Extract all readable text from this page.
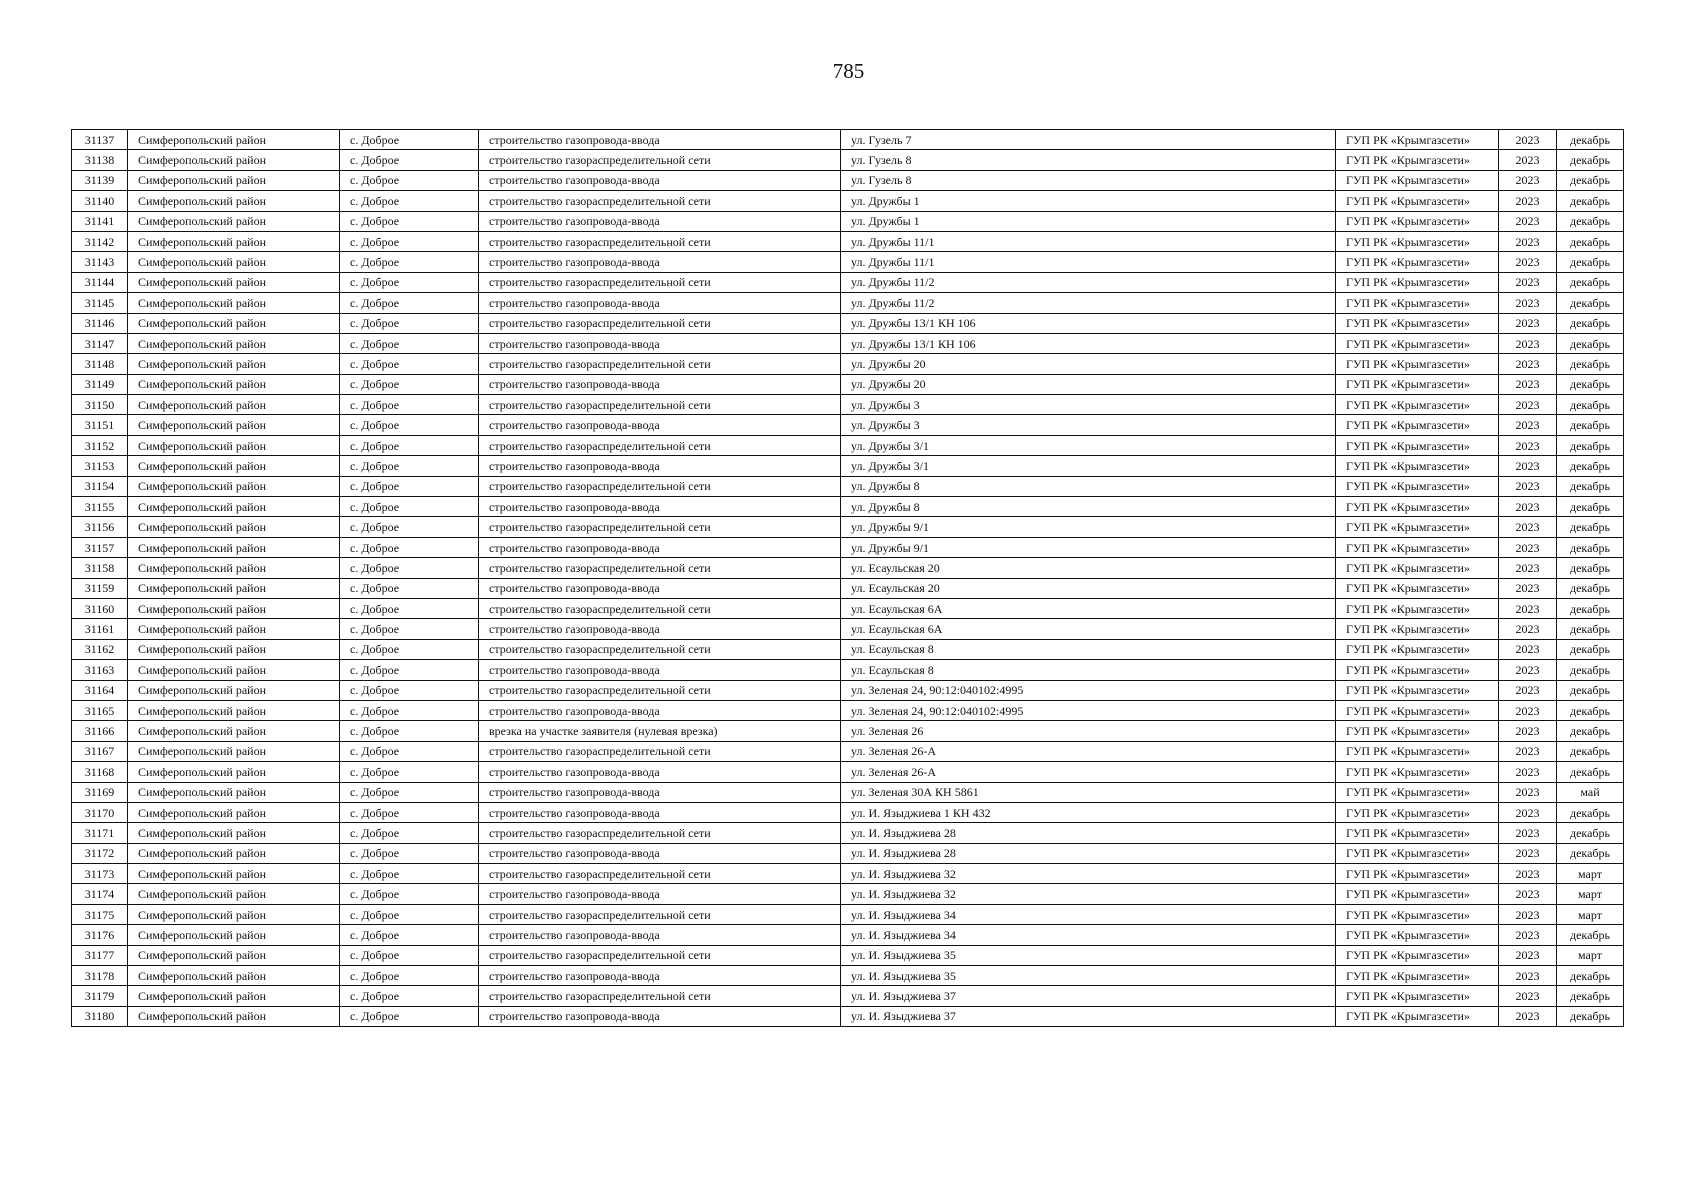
785
31137	Симферопольский район	с. Доброе	строительство газопровода-ввода	ул. Гузель 7	ГУП РК «Крымгазсети»	2023	декабрь
31138	Симферопольский район	с. Доброе	строительство газораспределительной сети	ул. Гузель 8	ГУП РК «Крымгазсети»	2023	декабрь
31139	Симферопольский район	с. Доброе	строительство газопровода-ввода	ул. Гузель 8	ГУП РК «Крымгазсети»	2023	декабрь
31140	Симферопольский район	с. Доброе	строительство газораспределительной сети	ул. Дружбы 1	ГУП РК «Крымгазсети»	2023	декабрь
31141	Симферопольский район	с. Доброе	строительство газопровода-ввода	ул. Дружбы 1	ГУП РК «Крымгазсети»	2023	декабрь
31142	Симферопольский район	с. Доброе	строительство газораспределительной сети	ул. Дружбы 11/1	ГУП РК «Крымгазсети»	2023	декабрь
31143	Симферопольский район	с. Доброе	строительство газопровода-ввода	ул. Дружбы 11/1	ГУП РК «Крымгазсети»	2023	декабрь
31144	Симферопольский район	с. Доброе	строительство газораспределительной сети	ул. Дружбы 11/2	ГУП РК «Крымгазсети»	2023	декабрь
31145	Симферопольский район	с. Доброе	строительство газопровода-ввода	ул. Дружбы 11/2	ГУП РК «Крымгазсети»	2023	декабрь
31146	Симферопольский район	с. Доброе	строительство газораспределительной сети	ул. Дружбы 13/1 КН 106	ГУП РК «Крымгазсети»	2023	декабрь
31147	Симферопольский район	с. Доброе	строительство газопровода-ввода	ул. Дружбы 13/1 КН 106	ГУП РК «Крымгазсети»	2023	декабрь
31148	Симферопольский район	с. Доброе	строительство газораспределительной сети	ул. Дружбы 20	ГУП РК «Крымгазсети»	2023	декабрь
31149	Симферопольский район	с. Доброе	строительство газопровода-ввода	ул. Дружбы 20	ГУП РК «Крымгазсети»	2023	декабрь
31150	Симферопольский район	с. Доброе	строительство газораспределительной сети	ул. Дружбы 3	ГУП РК «Крымгазсети»	2023	декабрь
31151	Симферопольский район	с. Доброе	строительство газопровода-ввода	ул. Дружбы 3	ГУП РК «Крымгазсети»	2023	декабрь
31152	Симферопольский район	с. Доброе	строительство газораспределительной сети	ул. Дружбы 3/1	ГУП РК «Крымгазсети»	2023	декабрь
31153	Симферопольский район	с. Доброе	строительство газопровода-ввода	ул. Дружбы 3/1	ГУП РК «Крымгазсети»	2023	декабрь
31154	Симферопольский район	с. Доброе	строительство газораспределительной сети	ул. Дружбы 8	ГУП РК «Крымгазсети»	2023	декабрь
31155	Симферопольский район	с. Доброе	строительство газопровода-ввода	ул. Дружбы 8	ГУП РК «Крымгазсети»	2023	декабрь
31156	Симферопольский район	с. Доброе	строительство газораспределительной сети	ул. Дружбы 9/1	ГУП РК «Крымгазсети»	2023	декабрь
31157	Симферопольский район	с. Доброе	строительство газопровода-ввода	ул. Дружбы 9/1	ГУП РК «Крымгазсети»	2023	декабрь
31158	Симферопольский район	с. Доброе	строительство газораспределительной сети	ул. Есаульская 20	ГУП РК «Крымгазсети»	2023	декабрь
31159	Симферопольский район	с. Доброе	строительство газопровода-ввода	ул. Есаульская 20	ГУП РК «Крымгазсети»	2023	декабрь
31160	Симферопольский район	с. Доброе	строительство газораспределительной сети	ул. Есаульская 6А	ГУП РК «Крымгазсети»	2023	декабрь
31161	Симферопольский район	с. Доброе	строительство газопровода-ввода	ул. Есаульская 6А	ГУП РК «Крымгазсети»	2023	декабрь
31162	Симферопольский район	с. Доброе	строительство газораспределительной сети	ул. Есаульская 8	ГУП РК «Крымгазсети»	2023	декабрь
31163	Симферопольский район	с. Доброе	строительство газопровода-ввода	ул. Есаульская 8	ГУП РК «Крымгазсети»	2023	декабрь
31164	Симферопольский район	с. Доброе	строительство газораспределительной сети	ул. Зеленая 24, 90:12:040102:4995	ГУП РК «Крымгазсети»	2023	декабрь
31165	Симферопольский район	с. Доброе	строительство газопровода-ввода	ул. Зеленая 24, 90:12:040102:4995	ГУП РК «Крымгазсети»	2023	декабрь
31166	Симферопольский район	с. Доброе	врезка на участке заявителя (нулевая врезка)	ул. Зеленая 26	ГУП РК «Крымгазсети»	2023	декабрь
31167	Симферопольский район	с. Доброе	строительство газораспределительной сети	ул. Зеленая 26-А	ГУП РК «Крымгазсети»	2023	декабрь
31168	Симферопольский район	с. Доброе	строительство газопровода-ввода	ул. Зеленая 26-А	ГУП РК «Крымгазсети»	2023	декабрь
31169	Симферопольский район	с. Доброе	строительство газопровода-ввода	ул. Зеленая 30А КН 5861	ГУП РК «Крымгазсети»	2023	май
31170	Симферопольский район	с. Доброе	строительство газопровода-ввода	ул. И. Языджиева 1 КН 432	ГУП РК «Крымгазсети»	2023	декабрь
31171	Симферопольский район	с. Доброе	строительство газораспределительной сети	ул. И. Языджиева 28	ГУП РК «Крымгазсети»	2023	декабрь
31172	Симферопольский район	с. Доброе	строительство газопровода-ввода	ул. И. Языджиева 28	ГУП РК «Крымгазсети»	2023	декабрь
31173	Симферопольский район	с. Доброе	строительство газораспределительной сети	ул. И. Языджиева 32	ГУП РК «Крымгазсети»	2023	март
31174	Симферопольский район	с. Доброе	строительство газопровода-ввода	ул. И. Языджиева 32	ГУП РК «Крымгазсети»	2023	март
31175	Симферопольский район	с. Доброе	строительство газораспределительной сети	ул. И. Языджиева 34	ГУП РК «Крымгазсети»	2023	март
31176	Симферопольский район	с. Доброе	строительство газопровода-ввода	ул. И. Языджиева 34	ГУП РК «Крымгазсети»	2023	декабрь
31177	Симферопольский район	с. Доброе	строительство газораспределительной сети	ул. И. Языджиева 35	ГУП РК «Крымгазсети»	2023	март
31178	Симферопольский район	с. Доброе	строительство газопровода-ввода	ул. И. Языджиева 35	ГУП РК «Крымгазсети»	2023	декабрь
31179	Симферопольский район	с. Доброе	строительство газораспределительной сети	ул. И. Языджиева 37	ГУП РК «Крымгазсети»	2023	декабрь
31180	Симферопольский район	с. Доброе	строительство газопровода-ввода	ул. И. Языджиева 37	ГУП РК «Крымгазсети»	2023	декабрь
